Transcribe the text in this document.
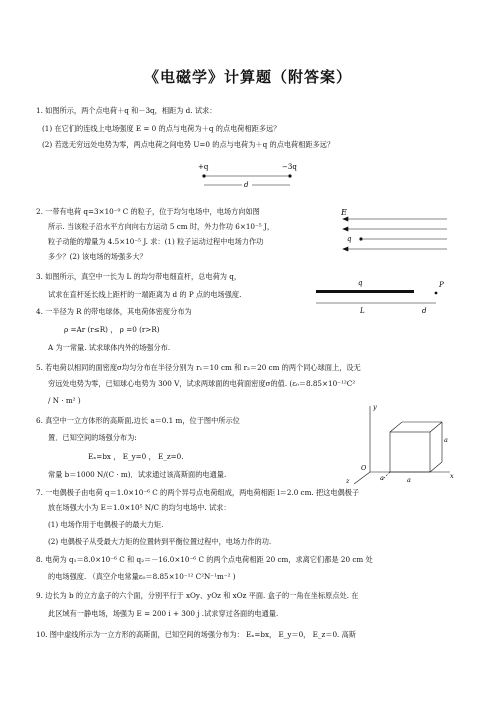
《电磁学》计算题（附答案）
1. 如图所示，两个点电荷＋q 和－3q，相距为 d. 试求：
(1) 在它们的连线上电场强度 E = 0 的点与电荷为＋q 的点电荷相距多远？
(2) 若选无穷远处电势为零，两点电荷之间电势 U=0 的点与电荷为＋q 的点电荷相距多远？
2. 一带有电荷 q=3×10⁻⁹ C 的粒子，位于均匀电场中，电场方向如图
所示. 当该粒子沿水平方向向右方运动 5 cm 时，外力作功 6×10⁻⁵ J，
粒子动能的增量为 4.5×10⁻⁵ J. 求：(1) 粒子运动过程中电场力作功
多少？(2) 该电场的场强多大？
3. 如图所示，真空中一长为 L 的均匀带电细直杆，总电荷为 q，
试求在直杆延长线上距杆的一端距离为 d 的 P 点的电场强度.
4. 一半径为 R 的带电球体，其电荷体密度分布为
ρ =Ar (r≤R) ， ρ =0 (r>R)
A 为一常量. 试求球体内外的场强分布.
5. 若电荷以相同的面密度σ均匀分布在半径分别为 r₁＝10 cm 和 r₂＝20 cm 的两个同心球面上，设无
穷远处电势为零，已知球心电势为 300 V，试求两球面的电荷面密度σ的值. (ε₀＝8.85×10⁻¹²C²
/ N · m² )
6. 真空中一立方体形的高斯面,边长 a＝0.1 m，位于图中所示位
置．已知空间的场强分布为:
Eₓ=bx ， E_y=0 ， E_z=0.
常量 b＝1000 N/(C · m)．试求通过该高斯面的电通量.
7. 一电偶极子由电荷 q＝1.0×10⁻⁶ C 的两个异号点电荷组成，两电荷相距 l＝2.0 cm. 把这电偶极子
放在场强大小为 E＝1.0×10⁵ N/C 的均匀电场中. 试求：
(1) 电场作用于电偶极子的最大力矩.
(2) 电偶极子从受最大力矩的位置转到平衡位置过程中，电场力作的功.
8. 电荷为 q₁＝8.0×10⁻⁶ C 和 q₂＝－16.0×10⁻⁶ C 的两个点电荷相距 20 cm，求离它们都是 20 cm 处
的电场强度. （真空介电常量ε₀＝8.85×10⁻¹² C²N⁻¹m⁻² )
9. 边长为 b 的立方盒子的六个面，分别平行于 xOy、yOz 和 xOz 平面. 盒子的一角在坐标原点处. 在
此区域有一静电场，场强为 E = 200 i + 300 j .试求穿过各面的电通量.
10. 图中虚线所示为一立方形的高斯面，已知空间的场强分布为： Eₓ=bx， E_y＝0， E_z＝0. 高斯
+q	−3q
d
E
q
q	P
L	d
y
x
z
O
a
a
a
